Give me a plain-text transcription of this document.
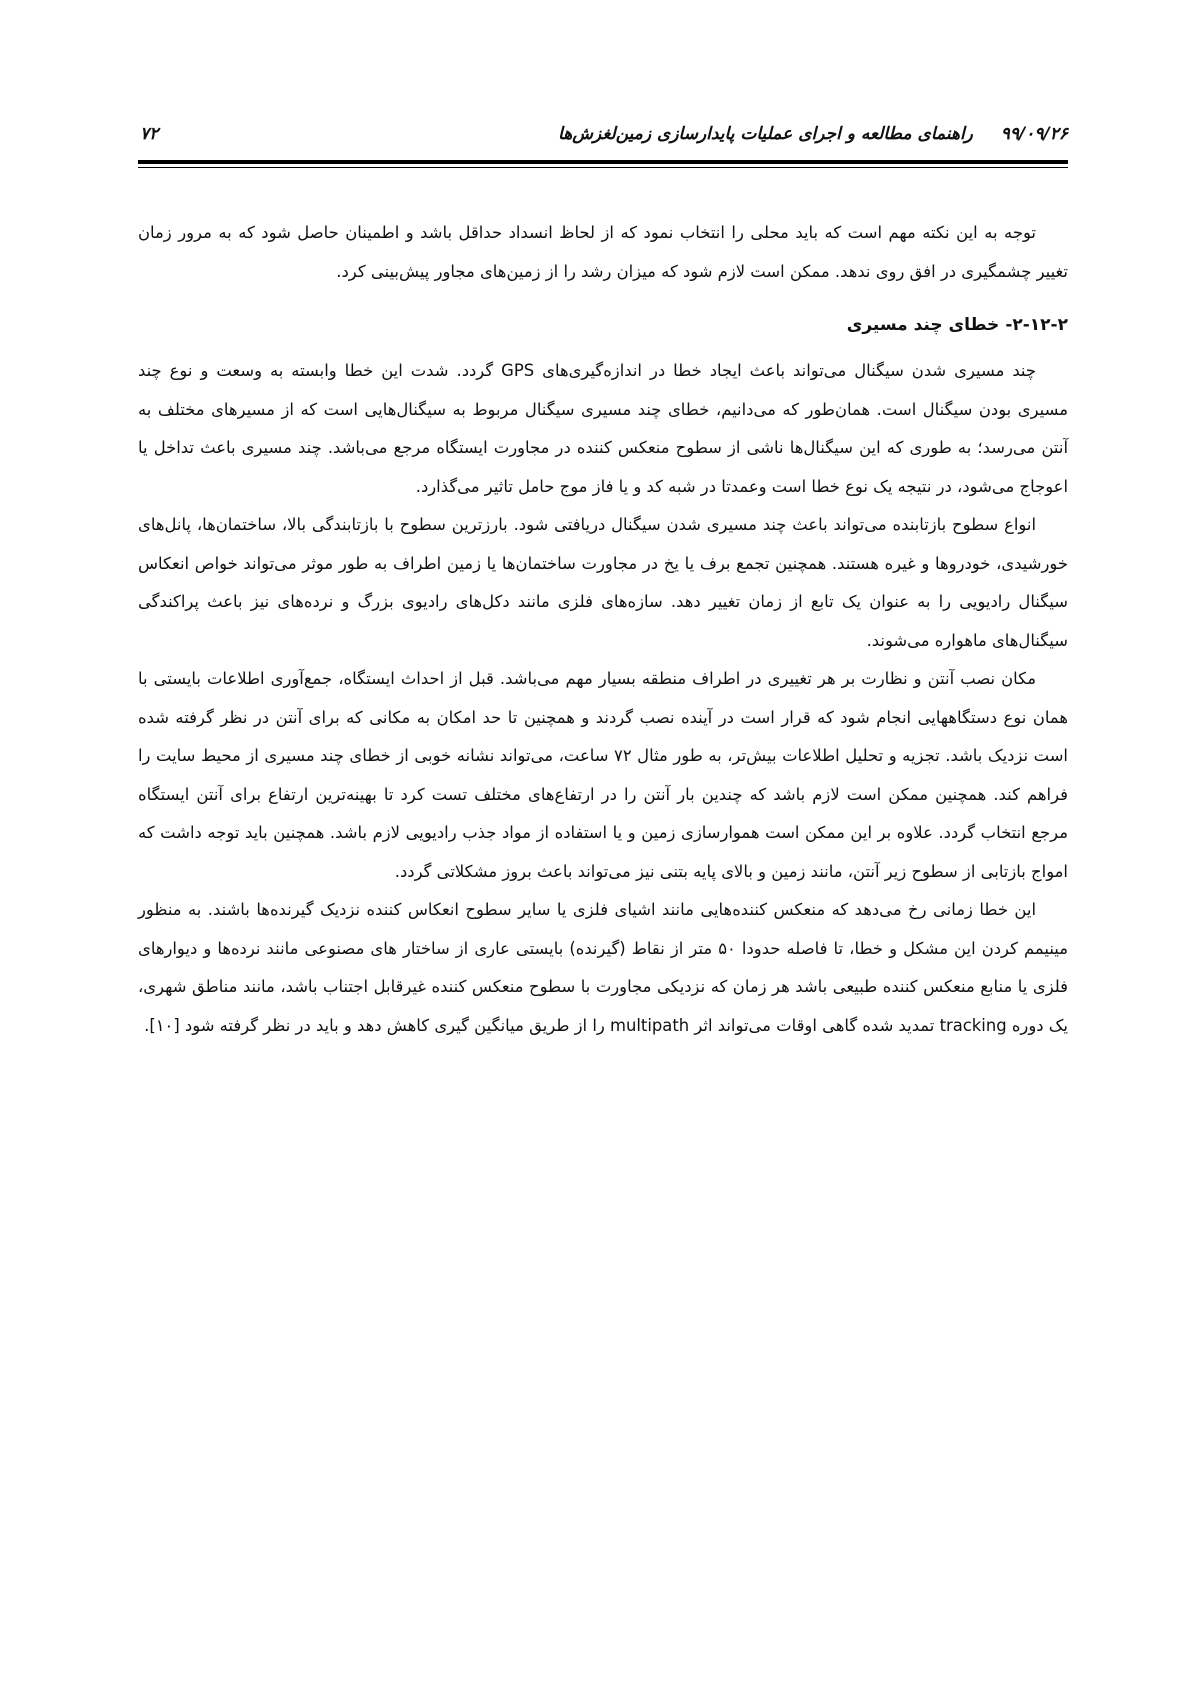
۹۹/۰۹/۲۶ راهنمای مطالعه و اجرای عملیات پایدارسازی زمین‌لغزش‌ها
۷۲

توجه به این نکته مهم است که باید محلی را انتخاب نمود که از لحاظ انسداد حداقل باشد و اطمینان حاصل شود که به مرور زمان تغییر چشمگیری در افق روی ندهد. ممکن است لازم شود که میزان رشد را از زمین‌های مجاور پیش‌بینی کرد.

۲-۱۲-۲-خطای چند مسیری

چند مسیری شدن سیگنال می‌تواند باعث ایجاد خطا در اندازه‌گیری‌های GPS گردد. شدت این خطا وابسته به وسعت و نوع چند مسیری بودن سیگنال است. همان‌طور که می‌دانیم، خطای چند مسیری سیگنال مربوط به سیگنال‌هایی است که از مسیرهای مختلف به آنتن می‌رسد؛ به طوری که این سیگنال‌ها ناشی از سطوح منعکس کننده در مجاورت ایستگاه مرجع می‌باشد. چند مسیری باعث تداخل یا اعوجاج می‌شود، در نتیجه یک نوع خطا است وعمدتا در شبه کد و یا فاز موج حامل تاثیر می‌گذارد.

انواع سطوح بازتابنده می‌تواند باعث چند مسیری شدن سیگنال دریافتی شود. بارزترین سطوح با بازتابندگی بالا، ساختمان‌ها، پانل‌های خورشیدی، خودروها و غیره هستند. همچنین تجمع برف یا یخ در مجاورت ساختمان‌ها یا زمین اطراف به طور موثر می‌تواند خواص انعکاس سیگنال رادیویی را به عنوان یک تابع از زمان تغییر دهد. سازه‌های فلزی مانند دکل‌های رادیوی بزرگ و نرده‌های نیز باعث پراکندگی سیگنال‌های ماهواره می‌شوند.

مکان نصب آنتن و نظارت بر هر تغییری در اطراف منطقه بسیار مهم می‌باشد. قبل از احداث ایستگاه، جمع‌آوری اطلاعات بایستی با همان نوع دستگاههایی انجام شود که قرار است در آینده نصب گردند و همچنین تا حد امکان به مکانی که برای آنتن در نظر گرفته شده است نزدیک باشد. تجزیه و تحلیل اطلاعات بیش‌تر، به طور مثال ۷۲ ساعت، می‌تواند نشانه خوبی از خطای چند مسیری از محیط سایت را فراهم کند. همچنین ممکن است لازم باشد که چندین بار آنتن را در ارتفاع‌های مختلف تست کرد تا بهینه‌ترین ارتفاع برای آنتن ایستگاه مرجع انتخاب گردد. علاوه بر این ممکن است هموارسازی زمین و یا استفاده از مواد جذب رادیویی لازم باشد. همچنین باید توجه داشت که امواج بازتابی از سطوح زیر آنتن، مانند زمین و بالای پایه بتنی نیز می‌تواند باعث بروز مشکلاتی گردد.

این خطا زمانی رخ می‌دهد که منعکس کننده‌هایی مانند اشیای فلزی یا سایر سطوح انعکاس کننده نزدیک گیرنده‌ها باشند. به منظور مینیمم کردن این مشکل و خطا، تا فاصله حدودا ۵۰ متر از نقاط (گیرنده) بایستی عاری از ساختار های مصنوعی مانند نرده‌ها و دیوارهای فلزی یا منابع منعکس کننده طبیعی باشد هر زمان که نزدیکی مجاورت با سطوح منعکس کننده غیرقابل اجتناب باشد، مانند مناطق شهری، یک دوره tracking تمدید شده گاهی اوقات می‌تواند اثر multipath را از طریق میانگین گیری کاهش دهد و باید در نظر گرفته شود [۱۰].
